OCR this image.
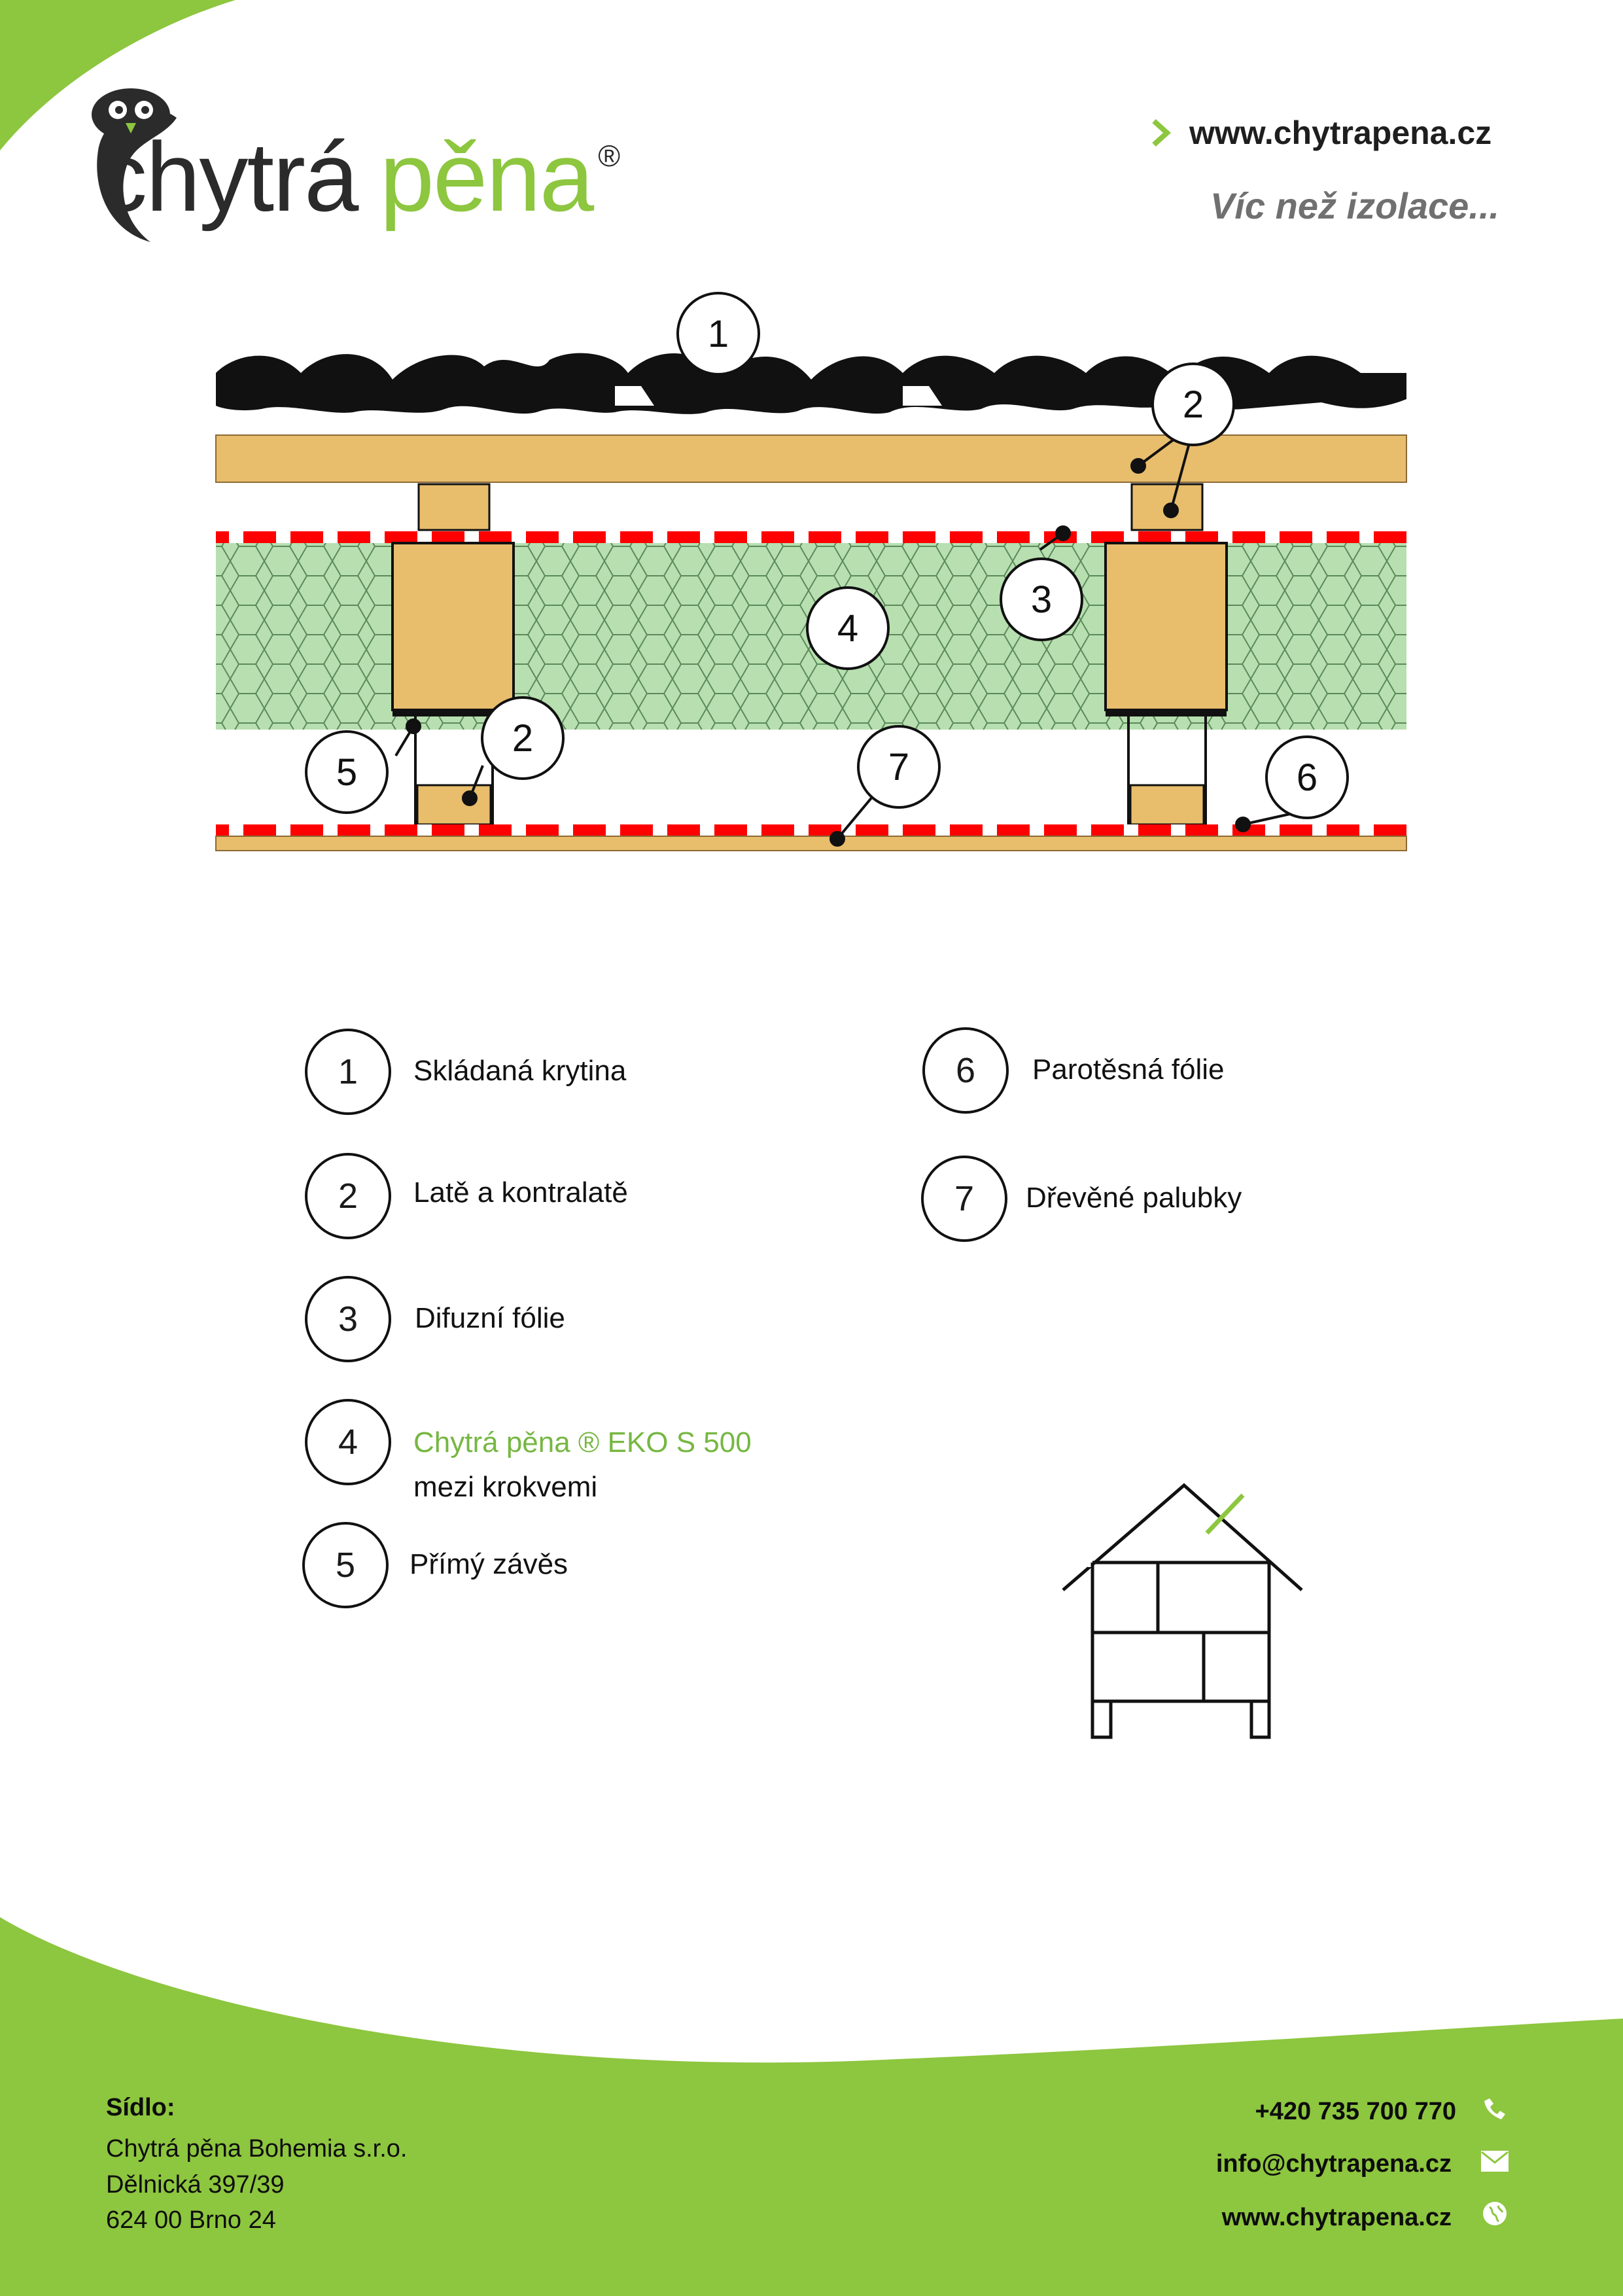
chytrá pěna ®
www.chytrapena.cz
Víc než izolace...
1
2
3
4
2
5	7	6
1	Skládaná krytina
2	Latě a kontralatě
3	Difuzní fólie
4	Chytrá pěna ® EKO S 500
mezi krokvemi
5	Přímý závěs
6	Parotěsná fólie
7	Dřevěné palubky
Sídlo:
Chytrá pěna Bohemia s.r.o.
Dělnická 397/39
624 00 Brno 24
+420 735 700 770
info@chytrapena.cz
www.chytrapena.cz
